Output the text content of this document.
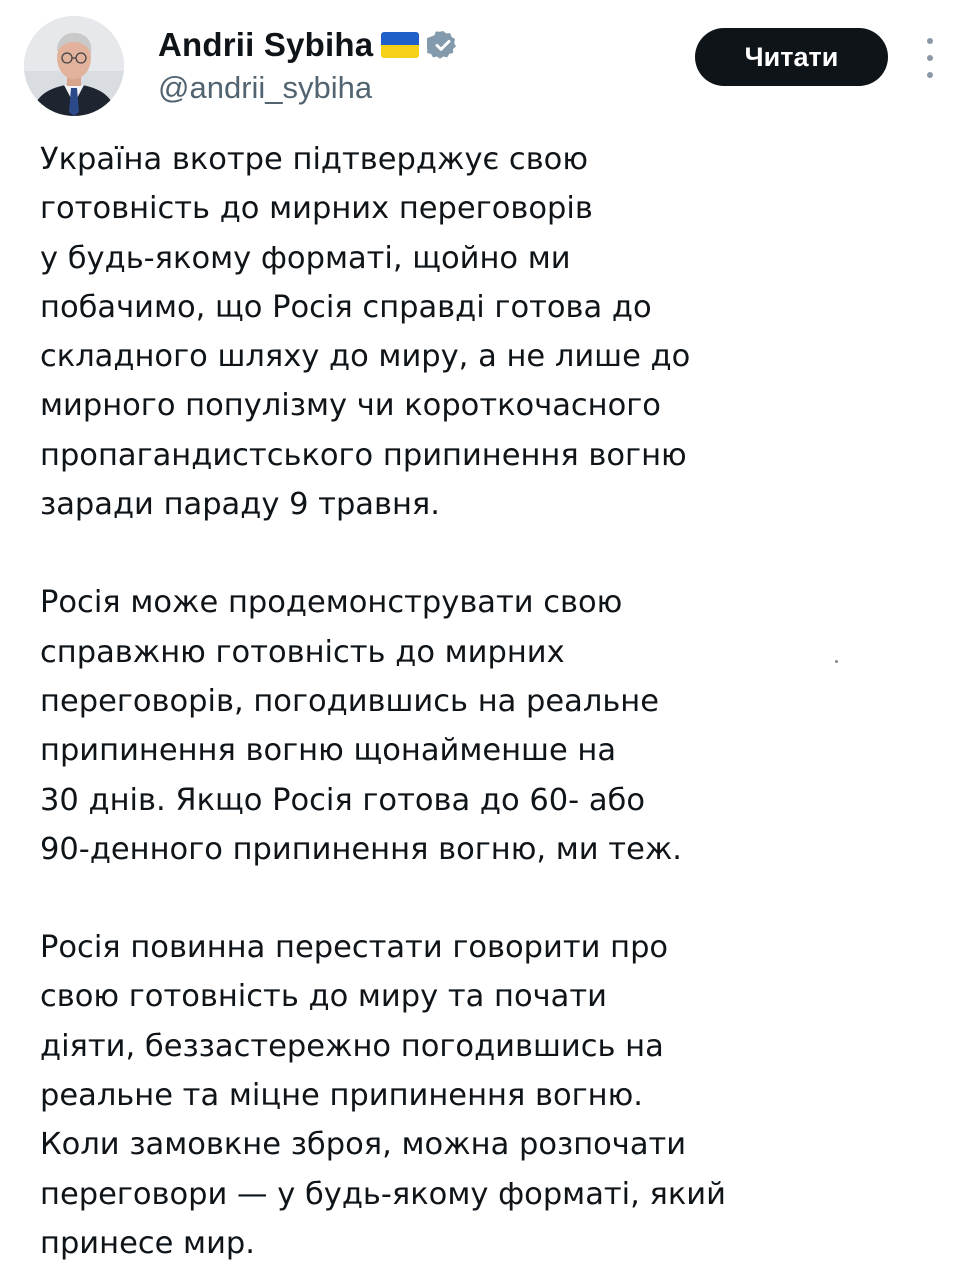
Andrii Sybiha
@andrii_sybiha
Читати

Україна вкотре підтверджує свою
готовність до мирних переговорів
у будь-якому форматі, щойно ми
побачимо, що Росія справді готова до
складного шляху до миру, а не лише до
мирного популізму чи короткочасного
пропагандистського припинення вогню
заради параду 9 травня.

Росія може продемонструвати свою
справжню готовність до мирних
переговорів, погодившись на реальне
припинення вогню щонайменше на
30 днів. Якщо Росія готова до 60- або
90-денного припинення вогню, ми теж.

Росія повинна перестати говорити про
свою готовність до миру та почати
діяти, беззастережно погодившись на
реальне та міцне припинення вогню.
Коли замовкне зброя, можна розпочати
переговори — у будь-якому форматі, який
принесе мир.
